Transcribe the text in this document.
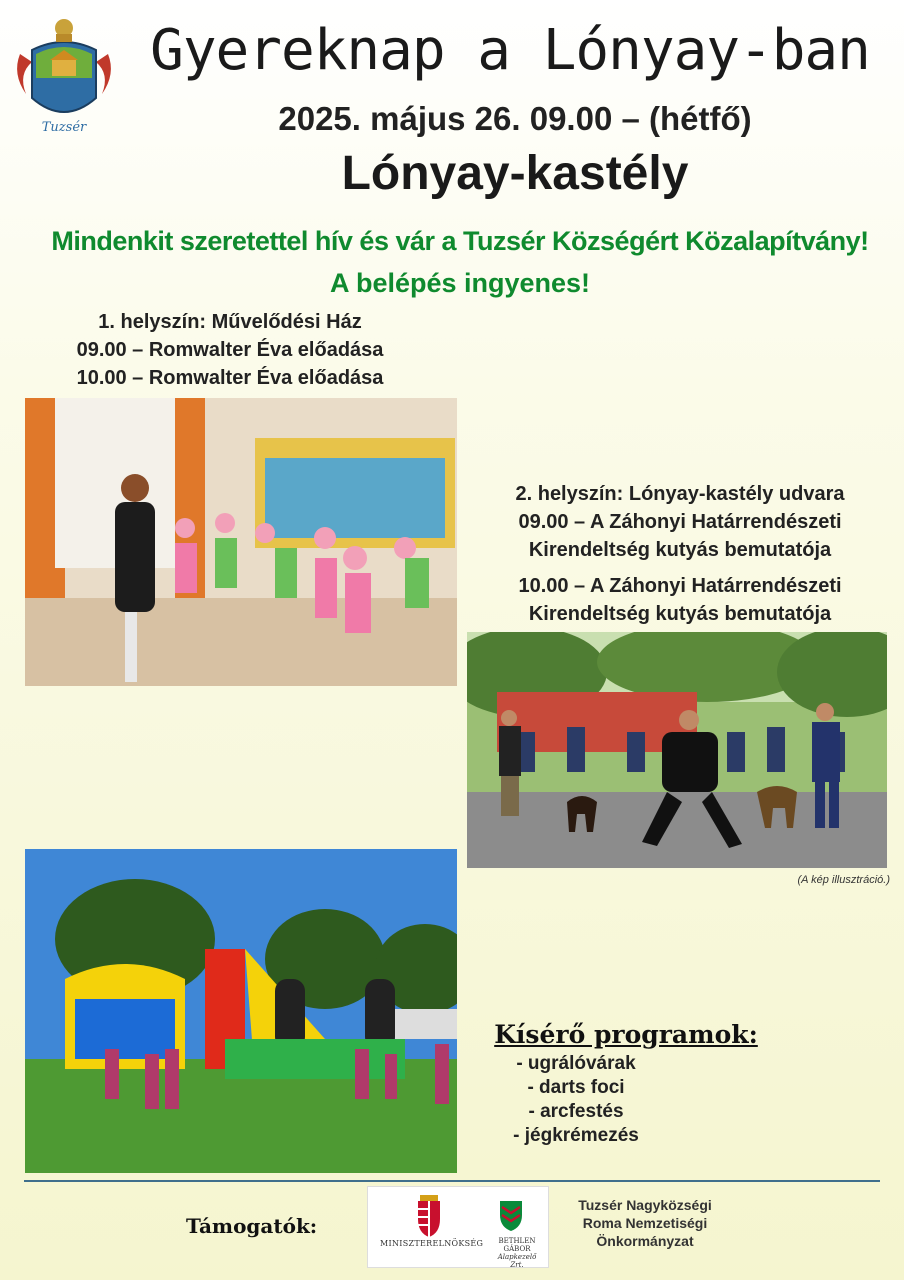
Tuzsér
Gyereknap a Lónyay-ban
2025. május 26. 09.00 – (hétfő)
Lónyay-kastély
Mindenkit szeretettel hív és vár a Tuzsér Községért Közalapítvány!
A belépés ingyenes!
1. helyszín: Művelődési Ház
09.00 – Romwalter Éva előadása
10.00 – Romwalter Éva előadása
2. helyszín: Lónyay-kastély udvara
09.00 – A Záhonyi Határrendészeti
Kirendeltség kutyás bemutatója
10.00 – A Záhonyi Határrendészeti
Kirendeltség kutyás bemutatója
(A kép illusztráció.)
Kísérő programok:
- ugrálóvárak
- darts foci
- arcfestés
- jégkrémezés
Támogatók:
MINISZTERELNÖKSÉG	BETHLEN GÁBOR
Alapkezelő Zrt.
Tuzsér Nagyközségi
Roma Nemzetiségi
Önkormányzat
